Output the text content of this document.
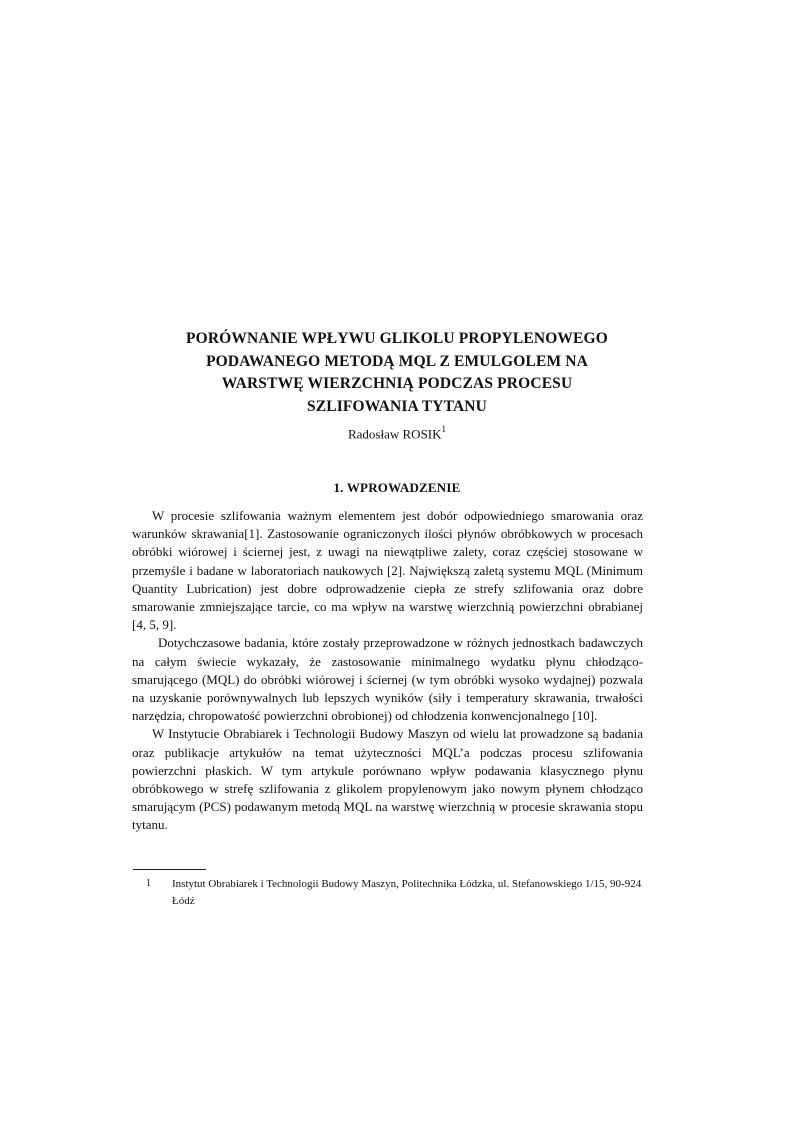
PORÓWNANIE WPŁYWU GLIKOLU PROPYLENOWEGO
PODAWANEGO METODĄ MQL Z EMULGOLEM NA
WARSTWĘ WIERZCHNIĄ PODCZAS PROCESU
SZLIFOWANIA TYTANU

Radosław ROSIK$^1$

1. WPROWADZENIE

W procesie szlifowania ważnym elementem jest dobór odpowiedniego smarowania oraz warunków skrawania[1]. Zastosowanie ograniczonych ilości płynów obróbkowych w procesach obróbki wiórowej i ściernej jest, z uwagi na niewątpliwe zalety, coraz częściej stosowane w przemyśle i badane w laboratoriach naukowych [2]. Największą zaletą systemu MQL (Minimum Quantity Lubrication) jest dobre odprowadzenie ciepła ze strefy szlifowania oraz dobre smarowanie zmniejszające tarcie, co ma wpływ na warstwę wierzchnią powierzchni obrabianej [4, 5, 9].

Dotychczasowe badania, które zostały przeprowadzone w różnych jednostkach badawczych na całym świecie wykazały, że zastosowanie minimalnego wydatku płynu chłodząco-smarującego (MQL) do obróbki wiórowej i ściernej (w tym obróbki wysoko wydajnej) pozwala na uzyskanie porównywalnych lub lepszych wyników (siły i temperatury skrawania, trwałości narzędzia, chropowatość powierzchni obrobionej) od chłodzenia konwencjonalnego [10].

W Instytucie Obrabiarek i Technologii Budowy Maszyn od wielu lat prowadzone są badania oraz publikacje artykułów na temat użyteczności MQL’a podczas procesu szlifowania powierzchni płaskich. W tym artykule porównano wpływ podawania klasycznego płynu obróbkowego w strefę szlifowania z glikolem propylenowym jako nowym płynem chłodząco smarującym (PCS) podawanym metodą MQL na warstwę wierzchnią w procesie skrawania stopu tytanu.

1	Instytut Obrabiarek i Technologii Budowy Maszyn, Politechnika Łódzka, ul. Stefanowskiego 1/15, 90-924 Łódź
